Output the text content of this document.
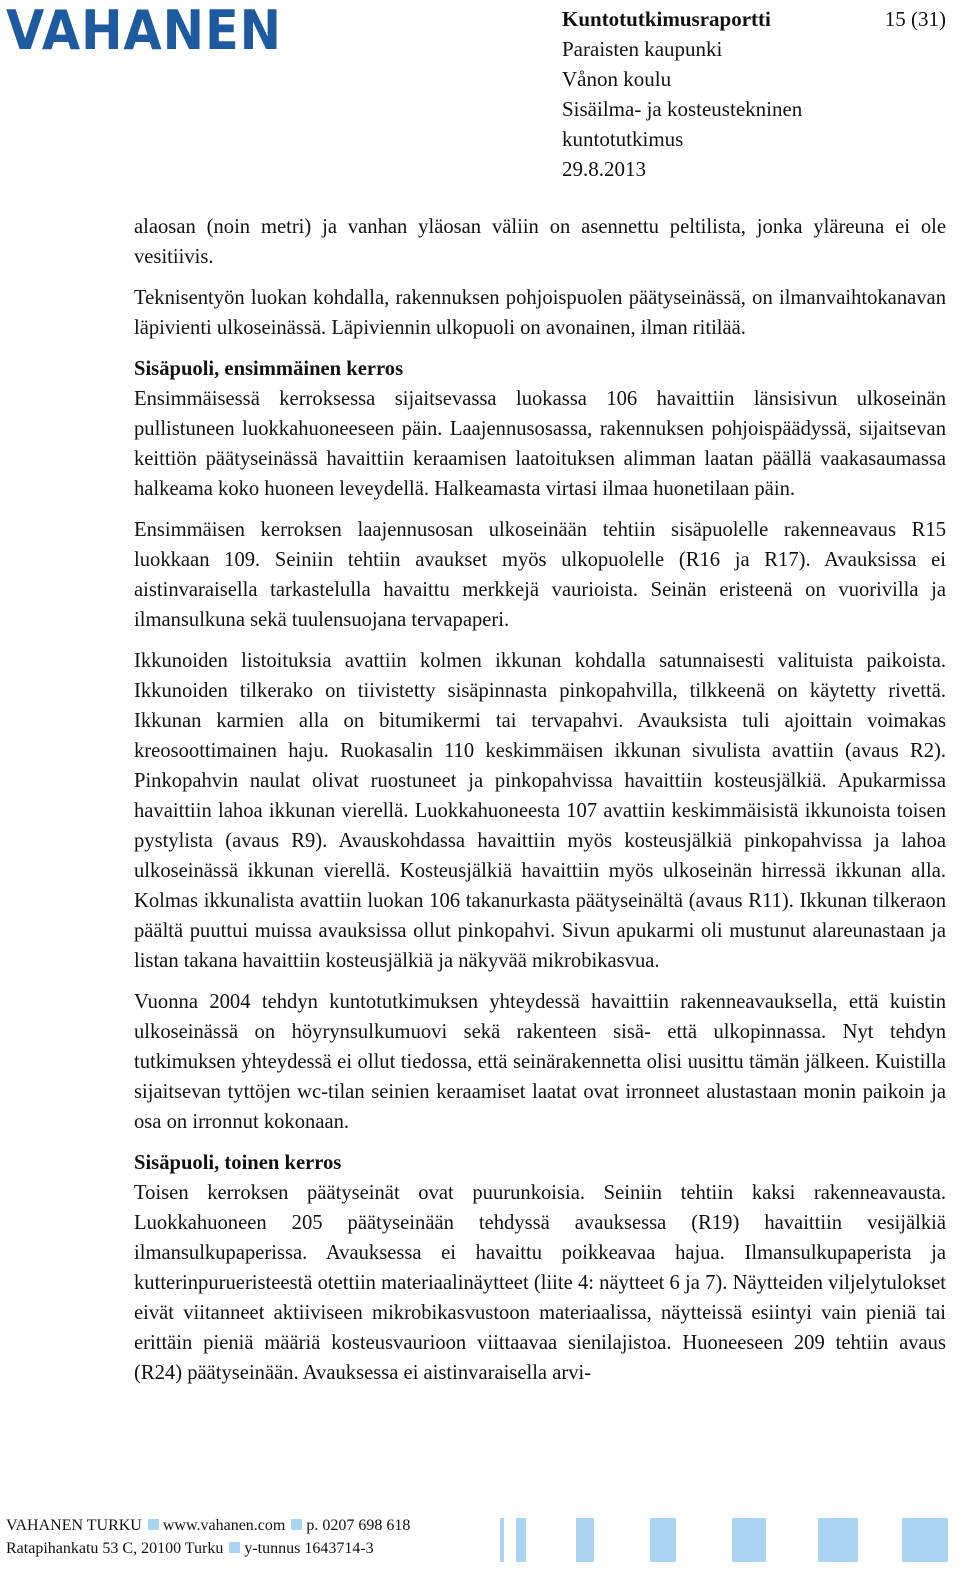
VAHANEN	Kuntotutkimusraportti
Paraisten kaupunki
Vånon koulu
Sisäilma- ja kosteustekninen
kuntotutkimus
29.8.2013
15 (31)

alaosan (noin metri) ja vanhan yläosan väliin on asennettu peltilista, jonka yläreuna ei ole vesitiivis.

Teknisentyön luokan kohdalla, rakennuksen pohjoispuolen päätyseinässä, on ilmanvaihtokanavan läpivienti ulkoseinässä. Läpiviennin ulkopuoli on avonainen, ilman ritilää.

Sisäpuoli, ensimmäinen kerros

Ensimmäisessä kerroksessa sijaitsevassa luokassa 106 havaittiin länsisivun ulkoseinän pullistuneen luokkahuoneeseen päin. Laajennusosassa, rakennuksen pohjoispäädyssä, sijaitsevan keittiön päätyseinässä havaittiin keraamisen laatoituksen alimman laatan päällä vaakasaumassa halkeama koko huoneen leveydellä. Halkeamasta virtasi ilmaa huonetilaan päin.

Ensimmäisen kerroksen laajennusosan ulkoseinään tehtiin sisäpuolelle rakenneavaus R15 luokkaan 109. Seiniin tehtiin avaukset myös ulkopuolelle (R16 ja R17). Avauksissa ei aistinvaraisella tarkastelulla havaittu merkkejä vaurioista. Seinän eristeenä on vuorivilla ja ilmansulkuna sekä tuulensuojana tervapaperi.

Ikkunoiden listoituksia avattiin kolmen ikkunan kohdalla satunnaisesti valituista paikoista. Ikkunoiden tilkerako on tiivistetty sisäpinnasta pinkopahvilla, tilkkeenä on käytetty rivettä. Ikkunan karmien alla on bitumikermi tai tervapahvi. Avauksista tuli ajoittain voimakas kreosoottimainen haju. Ruokasalin 110 keskimmäisen ikkunan sivulista avattiin (avaus R2). Pinkopahvin naulat olivat ruostuneet ja pinkopahvissa havaittiin kosteusjälkiä. Apukarmissa havaittiin lahoa ikkunan vierellä. Luokkahuoneesta 107 avattiin keskimmäisistä ikkunoista toisen pystylista (avaus R9). Avauskohdassa havaittiin myös kosteusjälkiä pinkopahvissa ja lahoa ulkoseinässä ikkunan vierellä. Kosteusjälkiä havaittiin myös ulkoseinän hirressä ikkunan alla. Kolmas ikkunalista avattiin luokan 106 takanurkasta päätyseinältä (avaus R11). Ikkunan tilkeraon päältä puuttui muissa avauksissa ollut pinkopahvi. Sivun apukarmi oli mustunut alareunastaan ja listan takana havaittiin kosteusjälkiä ja näkyvää mikrobikasvua.

Vuonna 2004 tehdyn kuntotutkimuksen yhteydessä havaittiin rakenneavauksella, että kuistin ulkoseinässä on höyrynsulkumuovi sekä rakenteen sisä- että ulkopinnassa. Nyt tehdyn tutkimuksen yhteydessä ei ollut tiedossa, että seinärakennetta olisi uusittu tämän jälkeen. Kuistilla sijaitsevan tyttöjen wc-tilan seinien keraamiset laatat ovat irronneet alustastaan monin paikoin ja osa on irronnut kokonaan.

Sisäpuoli, toinen kerros

Toisen kerroksen päätyseinät ovat puurunkoisia. Seiniin tehtiin kaksi rakenneavausta. Luokkahuoneen 205 päätyseinään tehdyssä avauksessa (R19) havaittiin vesijälkiä ilmansulkupaperissa. Avauksessa ei havaittu poikkeavaa hajua. Ilmansulkupaperista ja kutterinpurueristeestä otettiin materiaalinäytteet (liite 4: näytteet 6 ja 7). Näytteiden viljelytulokset eivät viitanneet aktiiviseen mikrobikasvustoon materiaalissa, näytteissä esiintyi vain pieniä tai erittäin pieniä määriä kosteusvaurioon viittaavaa sienilajistoa. Huoneeseen 209 tehtiin avaus (R24) päätyseinään. Avauksessa ei aistinvaraisella arvi-

VAHANEN TURKU www.vahanen.com p. 0207 698 618
Ratapihankatu 53 C, 20100 Turku y-tunnus 1643714-3
